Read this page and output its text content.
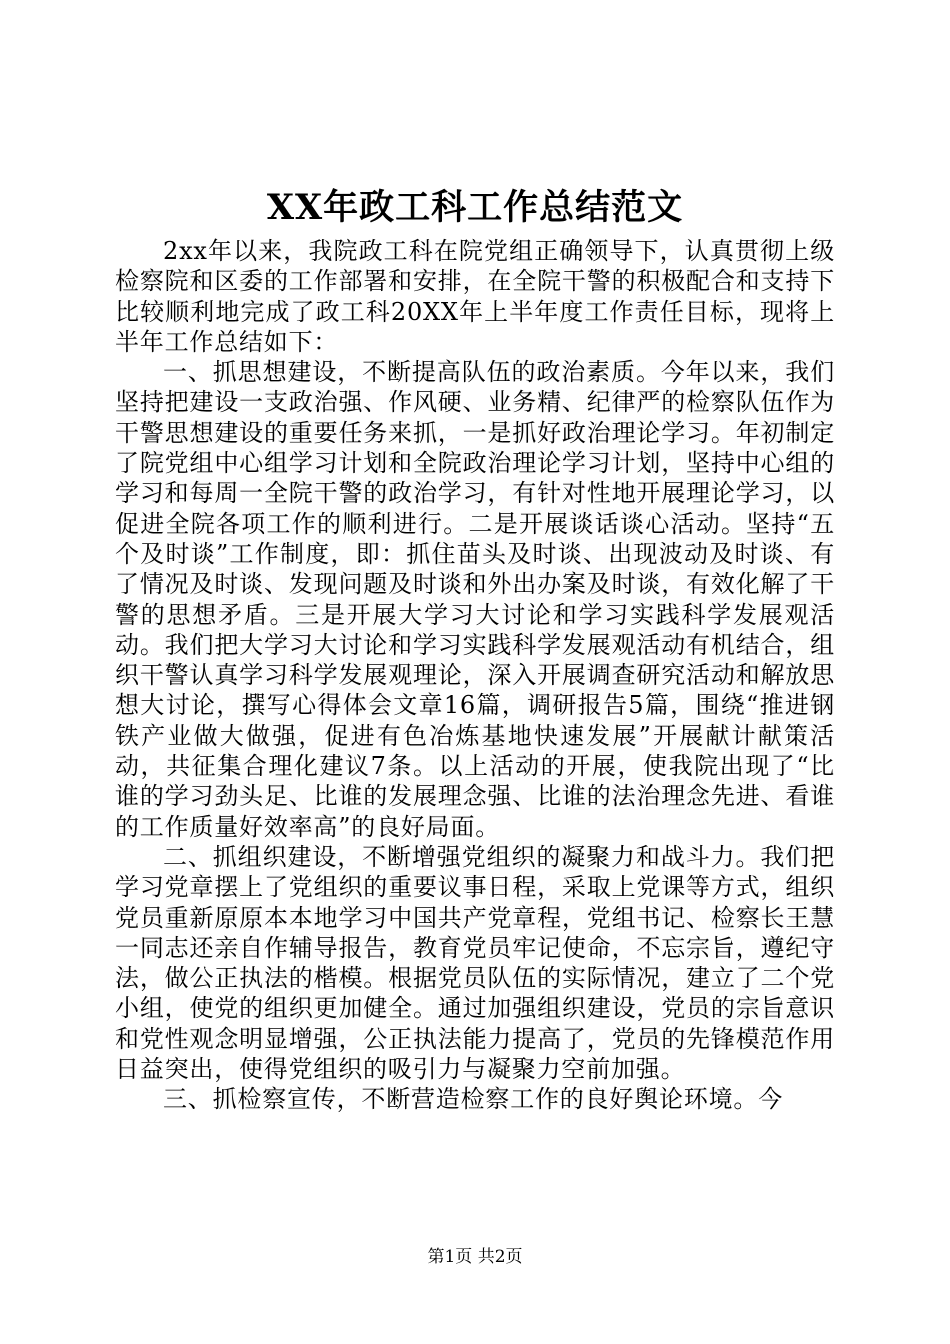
XX年政工科工作总结范文

2xx年以来，我院政工科在院党组正确领导下，认真贯彻上级检察院和区委的工作部署和安排，在全院干警的积极配合和支持下比较顺利地完成了政工科20XX年上半年度工作责任目标，现将上半年工作总结如下：

一、抓思想建设，不断提高队伍的政治素质。今年以来，我们坚持把建设一支政治强、作风硬、业务精、纪律严的检察队伍作为干警思想建设的重要任务来抓，一是抓好政治理论学习。年初制定了院党组中心组学习计划和全院政治理论学习计划，坚持中心组的学习和每周一全院干警的政治学习，有针对性地开展理论学习，以促进全院各项工作的顺利进行。二是开展谈话谈心活动。坚持“五个及时谈”工作制度，即：抓住苗头及时谈、出现波动及时谈、有了情况及时谈、发现问题及时谈和外出办案及时谈，有效化解了干警的思想矛盾。三是开展大学习大讨论和学习实践科学发展观活动。我们把大学习大讨论和学习实践科学发展观活动有机结合，组织干警认真学习科学发展观理论，深入开展调查研究活动和解放思想大讨论，撰写心得体会文章16篇，调研报告5篇，围绕“推进钢铁产业做大做强，促进有色冶炼基地快速发展”开展献计献策活动，共征集合理化建议7条。以上活动的开展，使我院出现了“比谁的学习劲头足、比谁的发展理念强、比谁的法治理念先进、看谁的工作质量好效率高”的良好局面。

二、抓组织建设，不断增强党组织的凝聚力和战斗力。我们把学习党章摆上了党组织的重要议事日程，采取上党课等方式，组织党员重新原原本本地学习中国共产党章程，党组书记、检察长王慧一同志还亲自作辅导报告，教育党员牢记使命，不忘宗旨，遵纪守法，做公正执法的楷模。根据党员队伍的实际情况，建立了二个党小组，使党的组织更加健全。通过加强组织建设，党员的宗旨意识和党性观念明显增强，公正执法能力提高了，党员的先锋模范作用日益突出，使得党组织的吸引力与凝聚力空前加强。

三、抓检察宣传，不断营造检察工作的良好舆论环境。今

第1页 共2页
